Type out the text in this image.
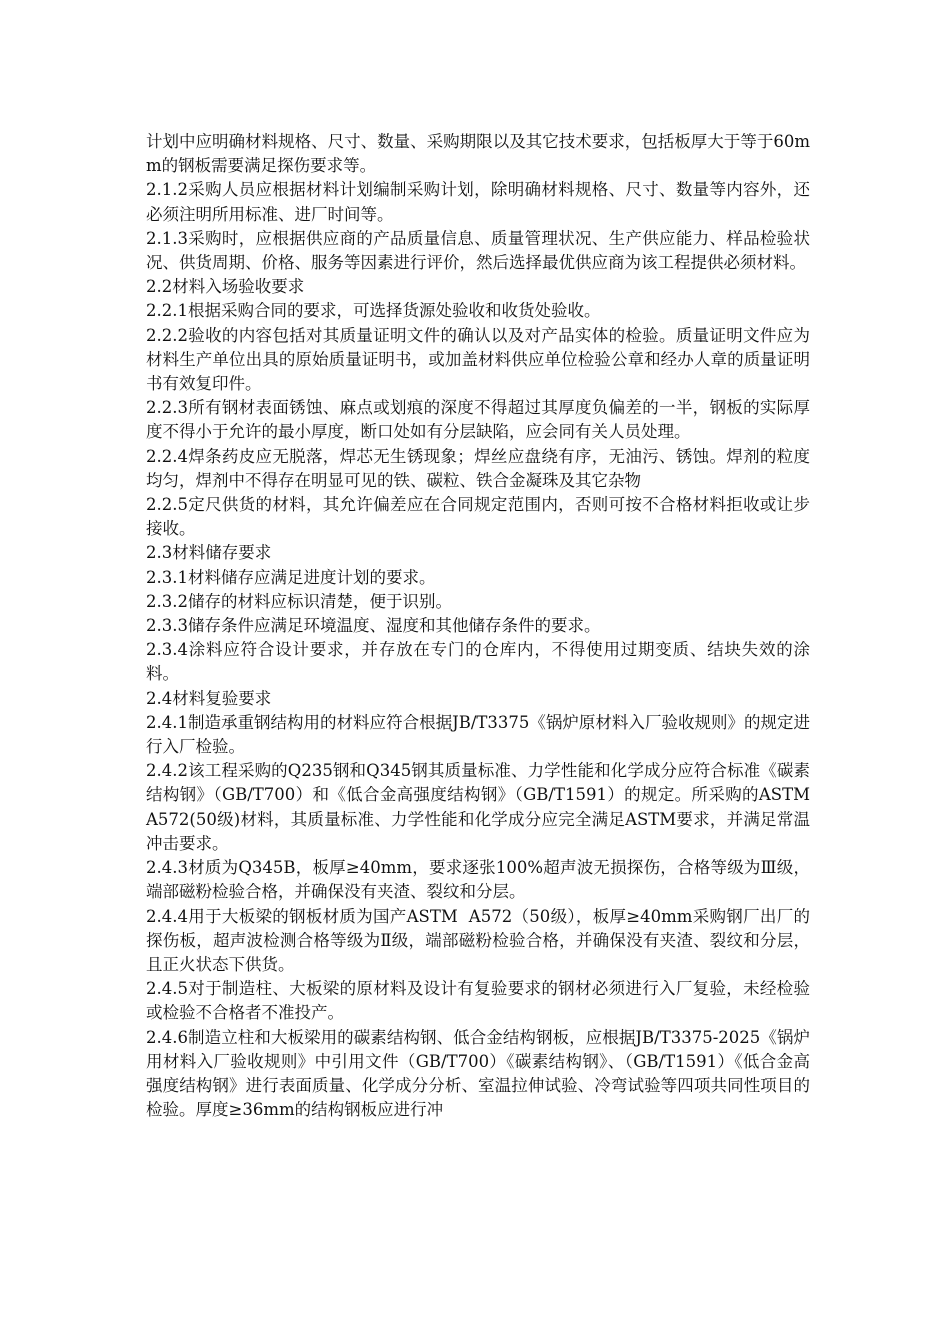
计划中应明确材料规格、尺寸、数量、采购期限以及其它技术要求，包括板厚大于等于60mm的钢板需要满足探伤要求等。

2.1.2采购人员应根据材料计划编制采购计划，除明确材料规格、尺寸、数量等内容外，还必须注明所用标准、进厂时间等。

2.1.3采购时，应根据供应商的产品质量信息、质量管理状况、生产供应能力、样品检验状况、供货周期、价格、服务等因素进行评价，然后选择最优供应商为该工程提供必须材料。

2.2材料入场验收要求

2.2.1根据采购合同的要求，可选择货源处验收和收货处验收。

2.2.2验收的内容包括对其质量证明文件的确认以及对产品实体的检验。质量证明文件应为材料生产单位出具的原始质量证明书，或加盖材料供应单位检验公章和经办人章的质量证明书有效复印件。

2.2.3所有钢材表面锈蚀、麻点或划痕的深度不得超过其厚度负偏差的一半，钢板的实际厚度不得小于允许的最小厚度，断口处如有分层缺陷，应会同有关人员处理。

2.2.4焊条药皮应无脱落，焊芯无生锈现象；焊丝应盘绕有序，无油污、锈蚀。焊剂的粒度均匀，焊剂中不得存在明显可见的铁、碳粒、铁合金凝珠及其它杂物

2.2.5定尺供货的材料，其允许偏差应在合同规定范围内，否则可按不合格材料拒收或让步接收。

2.3材料储存要求

2.3.1材料储存应满足进度计划的要求。

2.3.2储存的材料应标识清楚，便于识别。

2.3.3储存条件应满足环境温度、湿度和其他储存条件的要求。

2.3.4涂料应符合设计要求，并存放在专门的仓库内，不得使用过期变质、结块失效的涂料。

2.4材料复验要求

2.4.1制造承重钢结构用的材料应符合根据JB/T3375《锅炉原材料入厂验收规则》的规定进行入厂检验。

2.4.2该工程采购的Q235钢和Q345钢其质量标准、力学性能和化学成分应符合标准《碳素结构钢》（GB/T700）和《低合金高强度结构钢》（GB/T1591）的规定。所采购的ASTM  A572(50级)材料，其质量标准、力学性能和化学成分应完全满足ASTM要求，并满足常温冲击要求。

2.4.3材质为Q345B，板厚≥40mm，要求逐张100%超声波无损探伤，合格等级为Ⅲ级，端部磁粉检验合格，并确保没有夹渣、裂纹和分层。

2.4.4用于大板梁的钢板材质为国产ASTM  A572（50级），板厚≥40mm采购钢厂出厂的探伤板，超声波检测合格等级为Ⅱ级，端部磁粉检验合格，并确保没有夹渣、裂纹和分层，且正火状态下供货。

2.4.5对于制造柱、大板梁的原材料及设计有复验要求的钢材必须进行入厂复验，未经检验或检验不合格者不准投产。

2.4.6制造立柱和大板梁用的碳素结构钢、低合金结构钢板，应根据JB/T3375-2025《锅炉用材料入厂验收规则》中引用文件（GB/T700）《碳素结构钢》、（GB/T1591）《低合金高强度结构钢》进行表面质量、化学成分分析、室温拉伸试验、冷弯试验等四项共同性项目的检验。厚度≥36mm的结构钢板应进行冲
